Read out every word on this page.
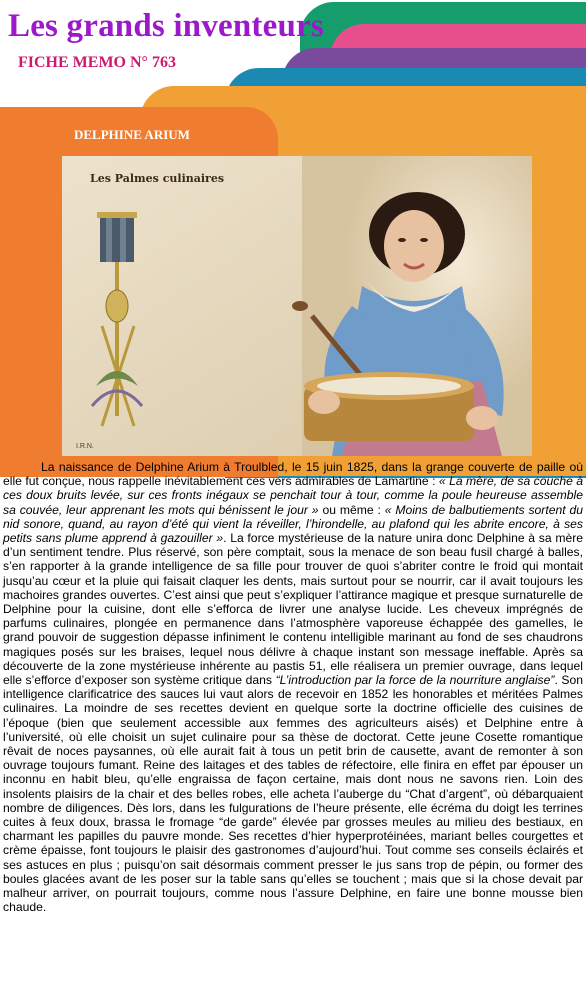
Les grands inventeurs
FICHE MEMO N° 763
DELPHINE ARIUM
Les Palmes culinaires
I.R.N.

La naissance de Delphine Arium à Troulbled, le 15 juin 1825, dans la grange couverte de paille où elle fut conçue, nous rappelle inévitablement ces vers admirables de Lamartine : « La mère, de sa couche à ces doux bruits levée, sur ces fronts inégaux se penchait tour à tour, comme la poule heureuse assemble sa couvée, leur apprenant les mots qui bénissent le jour » ou même : « Moins de balbutiements sortent du nid sonore, quand, au rayon d’été qui vient la réveiller, l’hirondelle, au plafond qui les abrite encore, à ses petits sans plume apprend à gazouiller ». La force mystérieuse de la nature unira donc Delphine à sa mère d’un sentiment tendre. Plus réservé, son père comptait, sous la menace de son beau fusil chargé à balles, s’en rapporter à la grande intelligence de sa fille pour trouver de quoi s’abriter contre le froid qui montait jusqu’au cœur et la pluie qui faisait claquer les dents, mais surtout pour se nourrir, car il avait toujours les machoires grandes ouvertes. C’est ainsi que peut s’expliquer l’attirance magique et presque surnaturelle de Delphine pour la cuisine, dont elle s’efforca de livrer une analyse lucide. Les cheveux imprégnés de parfums culinaires, plongée en permanence dans l’atmosphère vaporeuse échappée des gamelles, le grand pouvoir de suggestion dépasse infiniment le contenu intelligible marinant au fond de ses chaudrons magiques posés sur les braises, lequel nous délivre à chaque instant son message ineffable. Après sa découverte de la zone mystérieuse inhérente au pastis 51, elle réalisera un premier ouvrage, dans lequel elle s’efforce d’exposer son système critique dans “L’introduction par la force de la nourriture anglaise”. Son intelligence clarificatrice des sauces lui vaut alors de recevoir en 1852 les honorables et méritées Palmes culinaires. La moindre de ses recettes devient en quelque sorte la doctrine officielle des cuisines de l’époque (bien que seulement accessible aux femmes des agriculteurs aisés) et Delphine entre à l’université, où elle choisit un sujet culinaire pour sa thèse de doctorat. Cette jeune Cosette romantique rêvait de noces paysannes, où elle aurait fait à tous un petit brin de causette, avant de remonter à son ouvrage toujours fumant. Reine des laitages et des tables de réfectoire, elle finira en effet par épouser un inconnu en habit bleu, qu’elle engraissa de façon certaine, mais dont nous ne savons rien. Loin des insolents plaisirs de la chair et des belles robes, elle acheta l’auberge du “Chat d’argent”, où débarquaient nombre de diligences. Dès lors, dans les fulgurations de l’heure présente, elle écréma du doigt les terrines cuites à feux doux, brassa le fromage “de garde” élevée par grosses meules au milieu des bestiaux, en charmant les papilles du pauvre monde. Ses recettes d’hier hyperprotéinées, mariant belles courgettes et crème épaisse, font toujours le plaisir des gastronomes d’aujourd’hui. Tout comme ses conseils éclairés et ses astuces en plus ; puisqu’on sait désormais comment presser le jus sans trop de pépin, ou former des boules glacées avant de les poser sur la table sans qu’elles se touchent ; mais que si la chose devait par malheur arriver, on pourrait toujours, comme nous l’assure Delphine, en faire une bonne mousse bien chaude.
